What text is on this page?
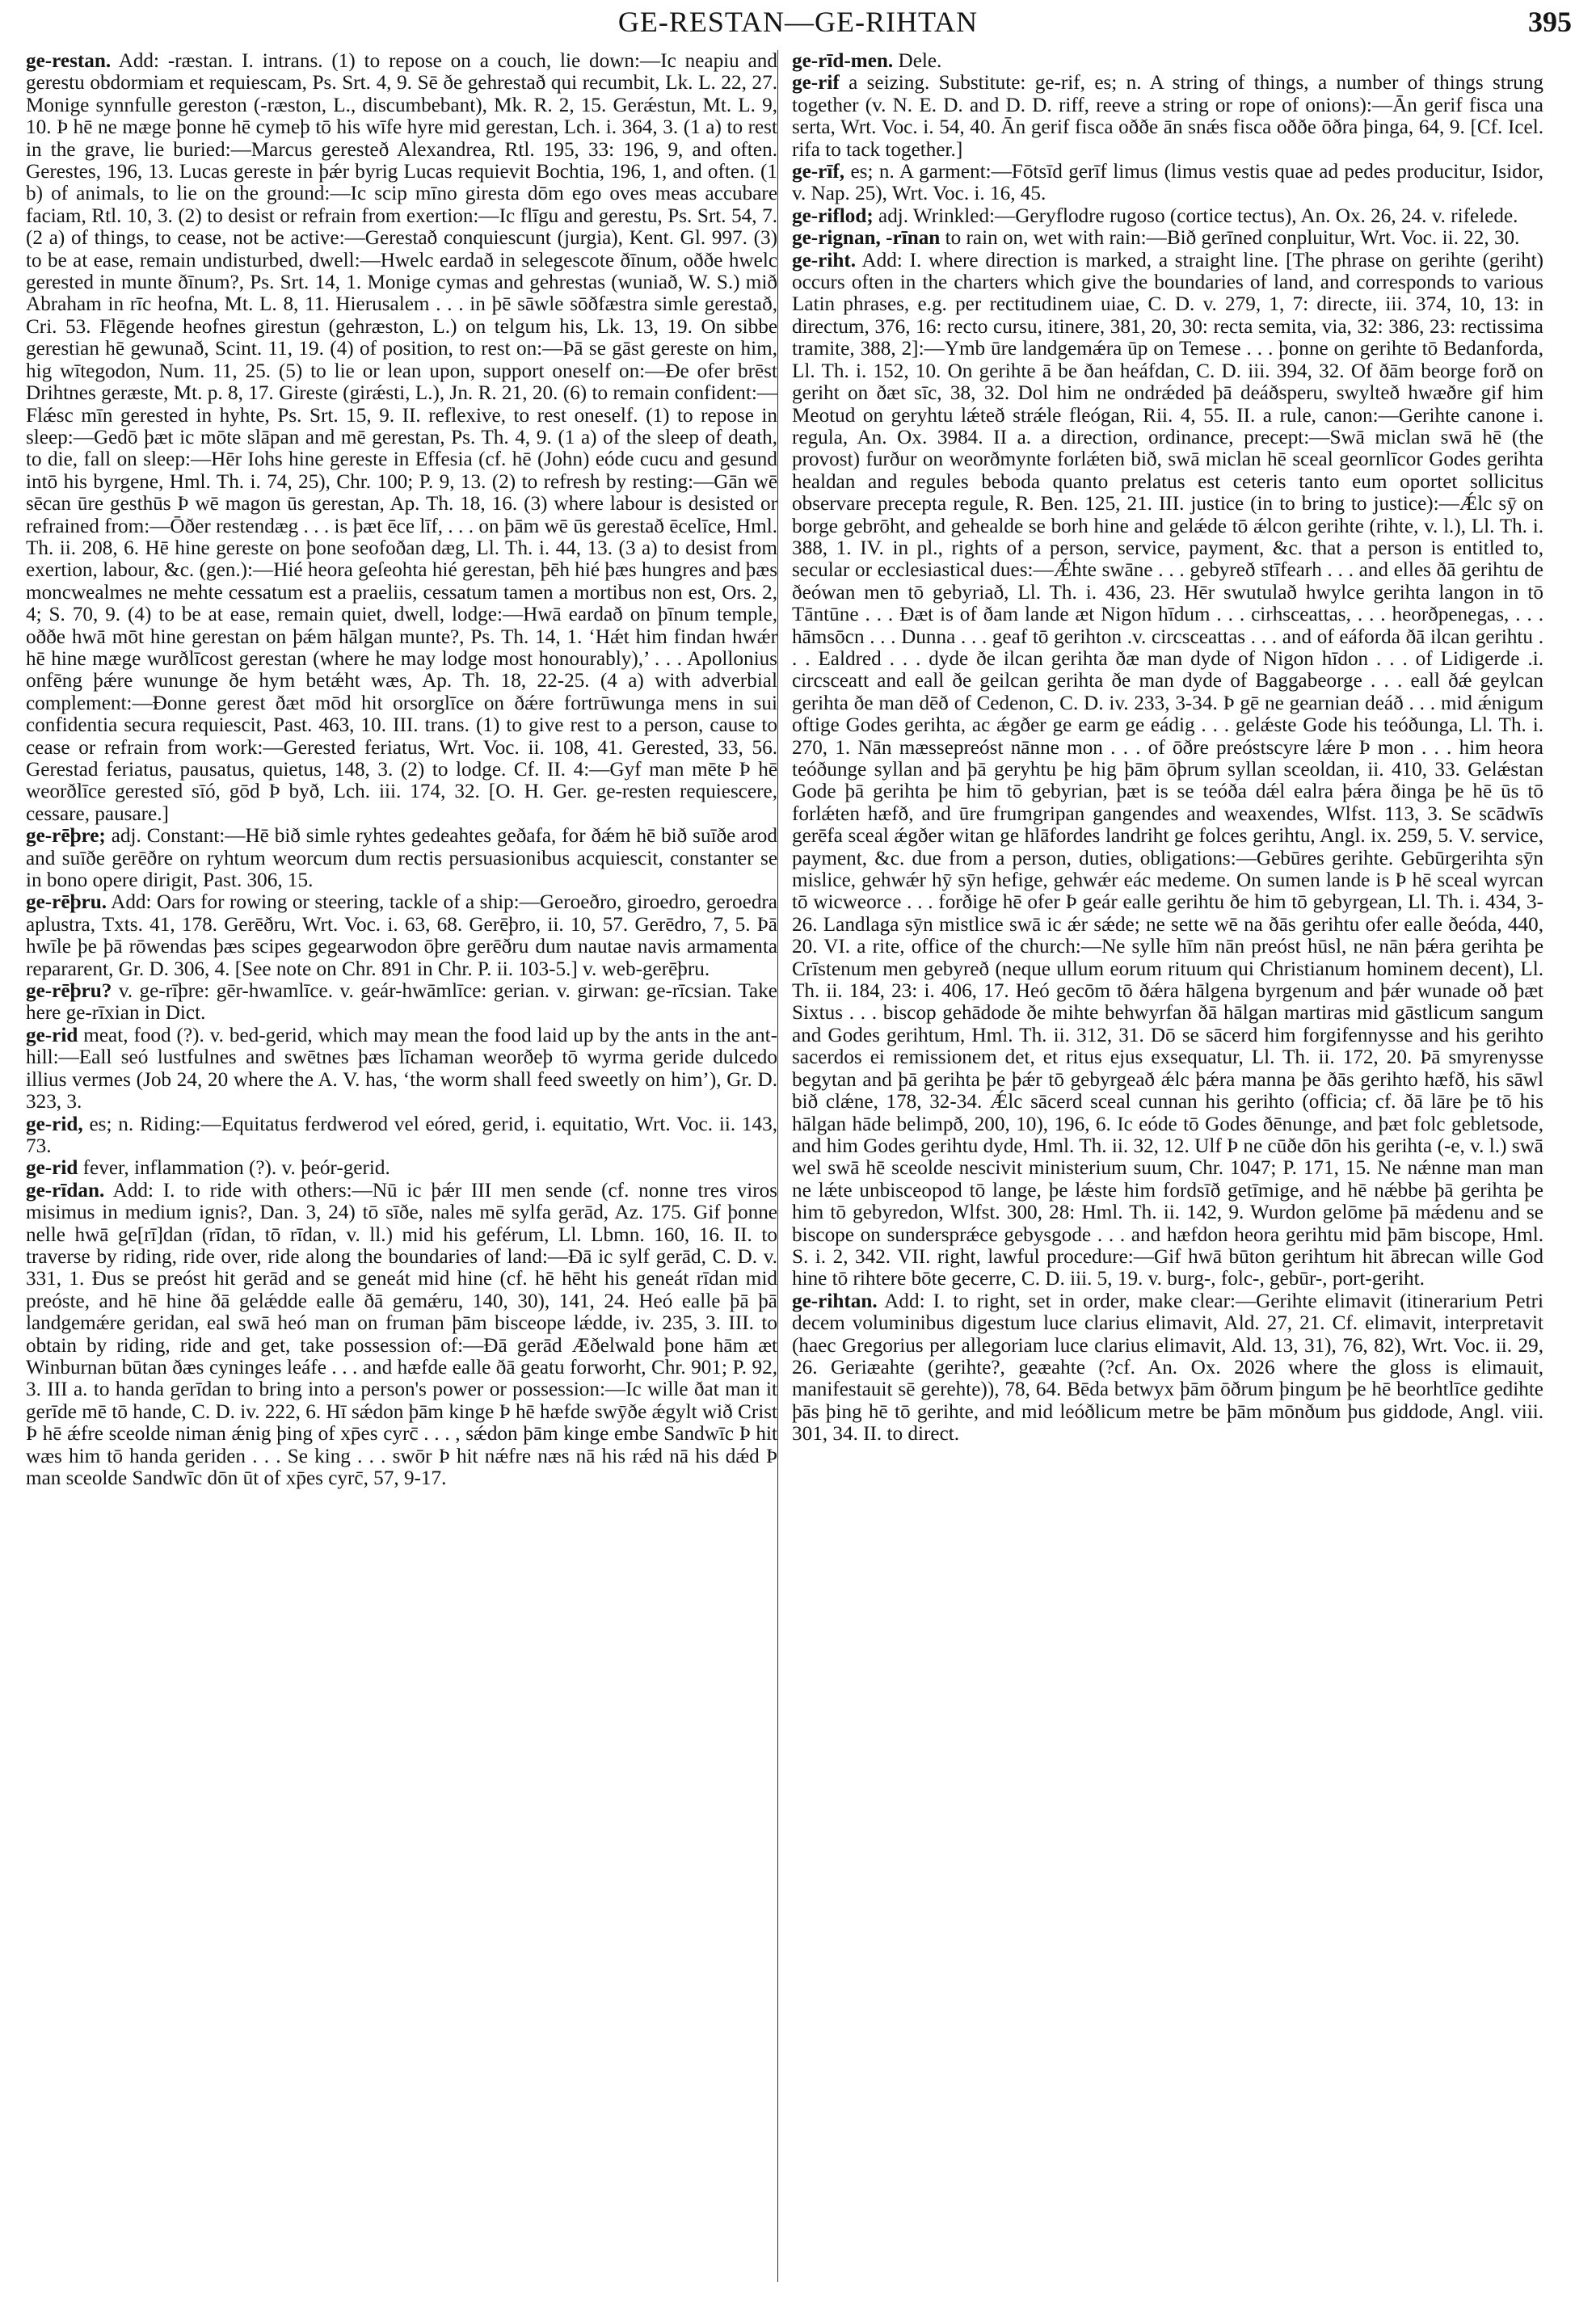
GE-RESTAN—GE-RIHTAN	395

ge-restan. Add: -ræstan. I. intrans. (1) to repose on a couch, lie down:—Ic neapiu and gerestu obdormiam et requiescam, Ps. Srt. 4, 9. Sē ðe gehrestað qui recumbit, Lk. L. 22, 27. Monige synnfulle gereston (-ræston, L., discumbebant), Mk. R. 2, 15. Gerǽstun, Mt. L. 9, 10. Þ hē ne mæge þonne hē cymeþ tō his wīfe hyre mid gerestan, Lch. i. 364, 3. (1 a) to rest in the grave, lie buried:—Marcus geresteð Alexandrea, Rtl. 195, 33: 196, 9, and often. Gerestes, 196, 13. Lucas gereste in þǽr byrig Lucas requievit Bochtia, 196, 1, and often. (1 b) of animals, to lie on the ground:—Ic scip mīno giresta dōm ego oves meas accubare faciam, Rtl. 10, 3. (2) to desist or refrain from exertion:—Ic flīgu and gerestu, Ps. Srt. 54, 7. (2 a) of things, to cease, not be active:—Gerestað conquiescunt (jurgia), Kent. Gl. 997. (3) to be at ease, remain undisturbed, dwell:—Hwelc eardað in selegescote ðīnum, oððe hwelc gerested in munte ðīnum?, Ps. Srt. 14, 1. Monige cymas and gehrestas (wuniað, W. S.) mið Abraham in rīc heofna, Mt. L. 8, 11. Hierusalem . . . in þē sāwle sōðfæstra simle gerestað, Cri. 53. Flēgende heofnes girestun (gehræston, L.) on telgum his, Lk. 13, 19. On sibbe gerestian hē gewunað, Scint. 11, 19. (4) of position, to rest on:—Þā se gāst gereste on him, hig wītegodon, Num. 11, 25. (5) to lie or lean upon, support oneself on:—Ðe ofer brēst Drihtnes geræste, Mt. p. 8, 17. Gireste (girǽsti, L.), Jn. R. 21, 20. (6) to remain confident:—Flǽsc mīn gerested in hyhte, Ps. Srt. 15, 9. II. reflexive, to rest oneself. (1) to repose in sleep:—Gedō þæt ic mōte slāpan and mē gerestan, Ps. Th. 4, 9. (1 a) of the sleep of death, to die, fall on sleep:—Hēr Iohs hine gereste in Effesia (cf. hē (John) eóde cucu and gesund intō his byrgene, Hml. Th. i. 74, 25), Chr. 100; P. 9, 13. (2) to refresh by resting:—Gān wē sēcan ūre gesthūs Þ wē magon ūs gerestan, Ap. Th. 18, 16. (3) where labour is desisted or refrained from:—Ōðer restendæg . . . is þæt ēce līf, . . . on þām wē ūs gerestað ēcelīce, Hml. Th. ii. 208, 6. Hē hine gereste on þone seofoðan dæg, Ll. Th. i. 44, 13. (3 a) to desist from exertion, labour, &c. (gen.):—Hié heora geſeohta hié gerestan, þēh hié þæs hungres and þæs moncwealmes ne mehte cessatum est a praeliis, cessatum tamen a mortibus non est, Ors. 2, 4; S. 70, 9. (4) to be at ease, remain quiet, dwell, lodge:—Hwā eardað on þīnum temple, oððe hwā mōt hine gerestan on þǽm hālgan munte?, Ps. Th. 14, 1. ‘Hǽt him findan hwǽr hē hine mæge wurðlīcost gerestan (where he may lodge most honourably),’ . . . Apollonius onfēng þǽre wununge ðe hym betǽht wæs, Ap. Th. 18, 22-25. (4 a) with adverbial complement:—Ðonne gerest ðæt mōd hit orsorglīce on ðǽre fortrūwunga mens in sui confidentia secura requiescit, Past. 463, 10. III. trans. (1) to give rest to a person, cause to cease or refrain from work:—Gerested feriatus, Wrt. Voc. ii. 108, 41. Gerested, 33, 56. Gerestad feriatus, pausatus, quietus, 148, 3. (2) to lodge. Cf. II. 4:—Gyf man mēte Þ hē weorðlīce gerested sīó, gōd Þ byð, Lch. iii. 174, 32. [O. H. Ger. ge-resten requiescere, cessare, pausare.]

ge-rēþre; adj. Constant:—Hē bið simle ryhtes gedeahtes geðafa, for ðǽm hē bið suīðe arod and suīðe gerēðre on ryhtum weorcum dum rectis persuasionibus acquiescit, constanter se in bono opere dirigit, Past. 306, 15.

ge-rēþru. Add: Oars for rowing or steering, tackle of a ship:—Geroeðro, giroedro, geroedra aplustra, Txts. 41, 178. Gerēðru, Wrt. Voc. i. 63, 68. Gerēþro, ii. 10, 57. Gerēdro, 7, 5. Þā hwīle þe þā rōwendas þæs scipes gegearwodon ōþre gerēðru dum nautae navis armamenta repararent, Gr. D. 306, 4. [See note on Chr. 891 in Chr. P. ii. 103-5.] v. web-gerēþru.

ge-rēþru? v. ge-rīþre: gēr-hwamlīce. v. geár-hwāmlīce: gerian. v. girwan: ge-rīcsian. Take here ge-rīxian in Dict.

ge-rid meat, food (?). v. bed-gerid, which may mean the food laid up by the ants in the ant-hill:—Eall seó lustfulnes and swētnes þæs līchaman weorðeþ tō wyrma geride dulcedo illius vermes (Job 24, 20 where the A. V. has, ‘the worm shall feed sweetly on him’), Gr. D. 323, 3.

ge-rid, es; n. Riding:—Equitatus ferdwerod vel eóred, gerid, i. equitatio, Wrt. Voc. ii. 143, 73.

ge-rid fever, inflammation (?). v. þeór-gerid.

ge-rīdan. Add: I. to ride with others:—Nū ic þǽr III men sende (cf. nonne tres viros misimus in medium ignis?, Dan. 3, 24) tō sīðe, nales mē sylfa gerād, Az. 175. Gif þonne nelle hwā ge[rī]dan (rīdan, tō rīdan, v. ll.) mid his geférum, Ll. Lbmn. 160, 16. II. to traverse by riding, ride over, ride along the boundaries of land:—Ðā ic sylf gerād, C. D. v. 331, 1. Ðus se preóst hit gerād and se geneát mid hine (cf. hē hēht his geneát rīdan mid preóste, and hē hine ðā gelǽdde ealle ðā gemǽru, 140, 30), 141, 24. Heó ealle þā þā landgemǽre geridan, eal swā heó man on fruman þām bisceope lǽdde, iv. 235, 3. III. to obtain by riding, ride and get, take possession of:—Ðā gerād Æðelwald þone hām æt Winburnan būtan ðæs cyninges leáfe . . . and hæfde ealle ðā geatu forworht, Chr. 901; P. 92, 3. III a. to handa gerīdan to bring into a person's power or possession:—Ic wille ðat man it gerīde mē tō hande, C. D. iv. 222, 6. Hī sǽdon þām kinge Þ hē hæfde swȳðe ǽgylt wið Crist Þ hē ǽfre sceolde niman ǽnig þing of xp̄es cyrc̄ . . . , sǽdon þām kinge embe Sandwīc Þ hit wæs him tō handa geriden . . . Se king . . . swōr Þ hit nǽfre næs nā his rǽd nā his dǽd Þ man sceolde Sandwīc dōn ūt of xp̄es cyrc̄, 57, 9-17.

ge-rīd-men. Dele.

ge-rif a seizing. Substitute: ge-rif, es; n. A string of things, a number of things strung together (v. N. E. D. and D. D. riff, reeve a string or rope of onions):—Ān gerif fisca una serta, Wrt. Voc. i. 54, 40. Ān gerif fisca oððe ān snǽs fisca oððe ōðra þinga, 64, 9. [Cf. Icel. rifa to tack together.]

ge-rīf, es; n. A garment:—Fōtsīd gerīf limus (limus vestis quae ad pedes producitur, Isidor, v. Nap. 25), Wrt. Voc. i. 16, 45.

ge-riflod; adj. Wrinkled:—Geryflodre rugoso (cortice tectus), An. Ox. 26, 24. v. rifelede.

ge-rignan, -rīnan to rain on, wet with rain:—Bið gerīned conpluitur, Wrt. Voc. ii. 22, 30.

ge-riht. Add: I. where direction is marked, a straight line. [The phrase on gerihte (geriht) occurs often in the charters which give the boundaries of land, and corresponds to various Latin phrases, e.g. per rectitudinem uiae, C. D. v. 279, 1, 7: directe, iii. 374, 10, 13: in directum, 376, 16: recto cursu, itinere, 381, 20, 30: recta semita, via, 32: 386, 23: rectissima tramite, 388, 2]:—Ymb ūre landgemǽra ūp on Temese . . . þonne on gerihte tō Bedanforda, Ll. Th. i. 152, 10. On gerihte ā be ðan heáfdan, C. D. iii. 394, 32. Of ðām beorge forð on geriht on ðæt sīc, 38, 32. Dol him ne ondrǽded þā deáðsperu, swylteð hwæðre gif him Meotud on geryhtu lǽteð strǽle fleógan, Rii. 4, 55. II. a rule, canon:—Gerihte canone i. regula, An. Ox. 3984. II a. a direction, ordinance, precept:—Swā miclan swā hē (the provost) furður on weorðmynte forlǽten bið, swā miclan hē sceal geornlīcor Godes gerihta healdan and regules beboda quanto prelatus est ceteris tanto eum oportet sollicitus observare precepta regule, R. Ben. 125, 21. III. justice (in to bring to justice):—Ǽlc sȳ on borge gebrōht, and gehealde se borh hine and gelǽde tō ǽlcon gerihte (rihte, v. l.), Ll. Th. i. 388, 1. IV. in pl., rights of a person, service, payment, &c. that a person is entitled to, secular or ecclesiastical dues:—Ǽhte swāne . . . gebyreð stīfearh . . . and elles ðā gerihtu de ðeówan men tō gebyriað, Ll. Th. i. 436, 23. Hēr swutulað hwylce gerihta langon in tō Tāntūne . . . Ðæt is of ðam lande æt Nigon hīdum . . . cirhsceattas, . . . heorðpenegas, . . . hāmsōcn . . . Dunna . . . geaf tō gerihton .v. circsceattas . . . and of eáforda ðā ilcan gerihtu . . . Ealdred . . . dyde ðe ilcan gerihta ðæ man dyde of Nigon hīdon . . . of Lidigerde .i. circsceatt and eall ðe geilcan gerihta ðe man dyde of Baggabeorge . . . eall ðǽ geylcan gerihta ðe man dēð of Cedenon, C. D. iv. 233, 3-34. Þ gē ne gearnian deáð . . . mid ǽnigum oftige Godes gerihta, ac ǽgðer ge earm ge eádig . . . gelǽste Gode his teóðunga, Ll. Th. i. 270, 1. Nān mæssepreóst nānne mon . . . of ōðre preóstscyre lǽre Þ mon . . . him heora teóðunge syllan and þā geryhtu þe hig þām ōþrum syllan sceoldan, ii. 410, 33. Gelǽstan Gode þā gerihta þe him tō gebyrian, þæt is se teóða dǽl ealra þǽra ðinga þe hē ūs tō forlǽten hæfð, and ūre frumgripan gangendes and weaxendes, Wlfst. 113, 3. Se scādwīs gerēfa sceal ǽgðer witan ge hlāfordes landriht ge folces gerihtu, Angl. ix. 259, 5. V. service, payment, &c. due from a person, duties, obligations:—Gebūres gerihte. Gebūrgerihta sȳn mislice, gehwǽr hȳ sȳn hefige, gehwǽr eác medeme. On sumen lande is Þ hē sceal wyrcan tō wicweorce . . . forðige hē ofer Þ geár ealle gerihtu ðe him tō gebyrgean, Ll. Th. i. 434, 3-26. Landlaga sȳn mistlice swā ic ǽr sǽde; ne sette wē na ðās gerihtu ofer ealle ðeóda, 440, 20. VI. a rite, office of the church:—Ne sylle hīm nān preóst hūsl, ne nān þǽra gerihta þe Crīstenum men gebyreð (neque ullum eorum rituum qui Christianum hominem decent), Ll. Th. ii. 184, 23: i. 406, 17. Heó gecōm tō ðǽra hālgena byrgenum and þǽr wunade oð þæt Sixtus . . . biscop gehādode ðe mihte behwyrfan ðā hālgan martiras mid gāstlicum sangum and Godes gerihtum, Hml. Th. ii. 312, 31. Dō se sācerd him forgifennysse and his gerihto sacerdos ei remissionem det, et ritus ejus exsequatur, Ll. Th. ii. 172, 20. Þā smyrenysse begytan and þā gerihta þe þǽr tō gebyrgeað ǽlc þǽra manna þe ðās gerihto hæfð, his sāwl bið clǽne, 178, 32-34. Ǽlc sācerd sceal cunnan his gerihto (officia; cf. ðā lāre þe tō his hālgan hāde belimpð, 200, 10), 196, 6. Ic eóde tō Godes ðēnunge, and þæt folc gebletsode, and him Godes gerihtu dyde, Hml. Th. ii. 32, 12. Ulf Þ ne cūðe dōn his gerihta (-e, v. l.) swā wel swā hē sceolde nescivit ministerium suum, Chr. 1047; P. 171, 15. Ne nǽnne man man ne lǽte unbisceopod tō lange, þe lǽste him fordsīð getīmige, and hē nǽbbe þā gerihta þe him tō gebyredon, Wlfst. 300, 28: Hml. Th. ii. 142, 9. Wurdon gelōme þā mǽdenu and se biscope on sundersprǽce gebysgode . . . and hæfdon heora gerihtu mid þām biscope, Hml. S. i. 2, 342. VII. right, lawful procedure:—Gif hwā būton gerihtum hit ābrecan wille God hine tō rihtere bōte gecerre, C. D. iii. 5, 19. v. burg-, folc-, gebūr-, port-geriht.

ge-rihtan. Add: I. to right, set in order, make clear:—Gerihte elimavit (itinerarium Petri decem voluminibus digestum luce clarius elimavit, Ald. 27, 21. Cf. elimavit, interpretavit (haec Gregorius per allegoriam luce clarius elimavit, Ald. 13, 31), 76, 82), Wrt. Voc. ii. 29, 26. Geriæahte (gerihte?, geæahte (?cf. An. Ox. 2026 where the gloss is elimauit, manifestauit sē gerehte)), 78, 64. Bēda betwyx þām ōðrum þingum þe hē beorhtlīce gedihte þās þing hē tō gerihte, and mid leóðlicum metre be þām mōnðum þus giddode, Angl. viii. 301, 34. II. to direct.
